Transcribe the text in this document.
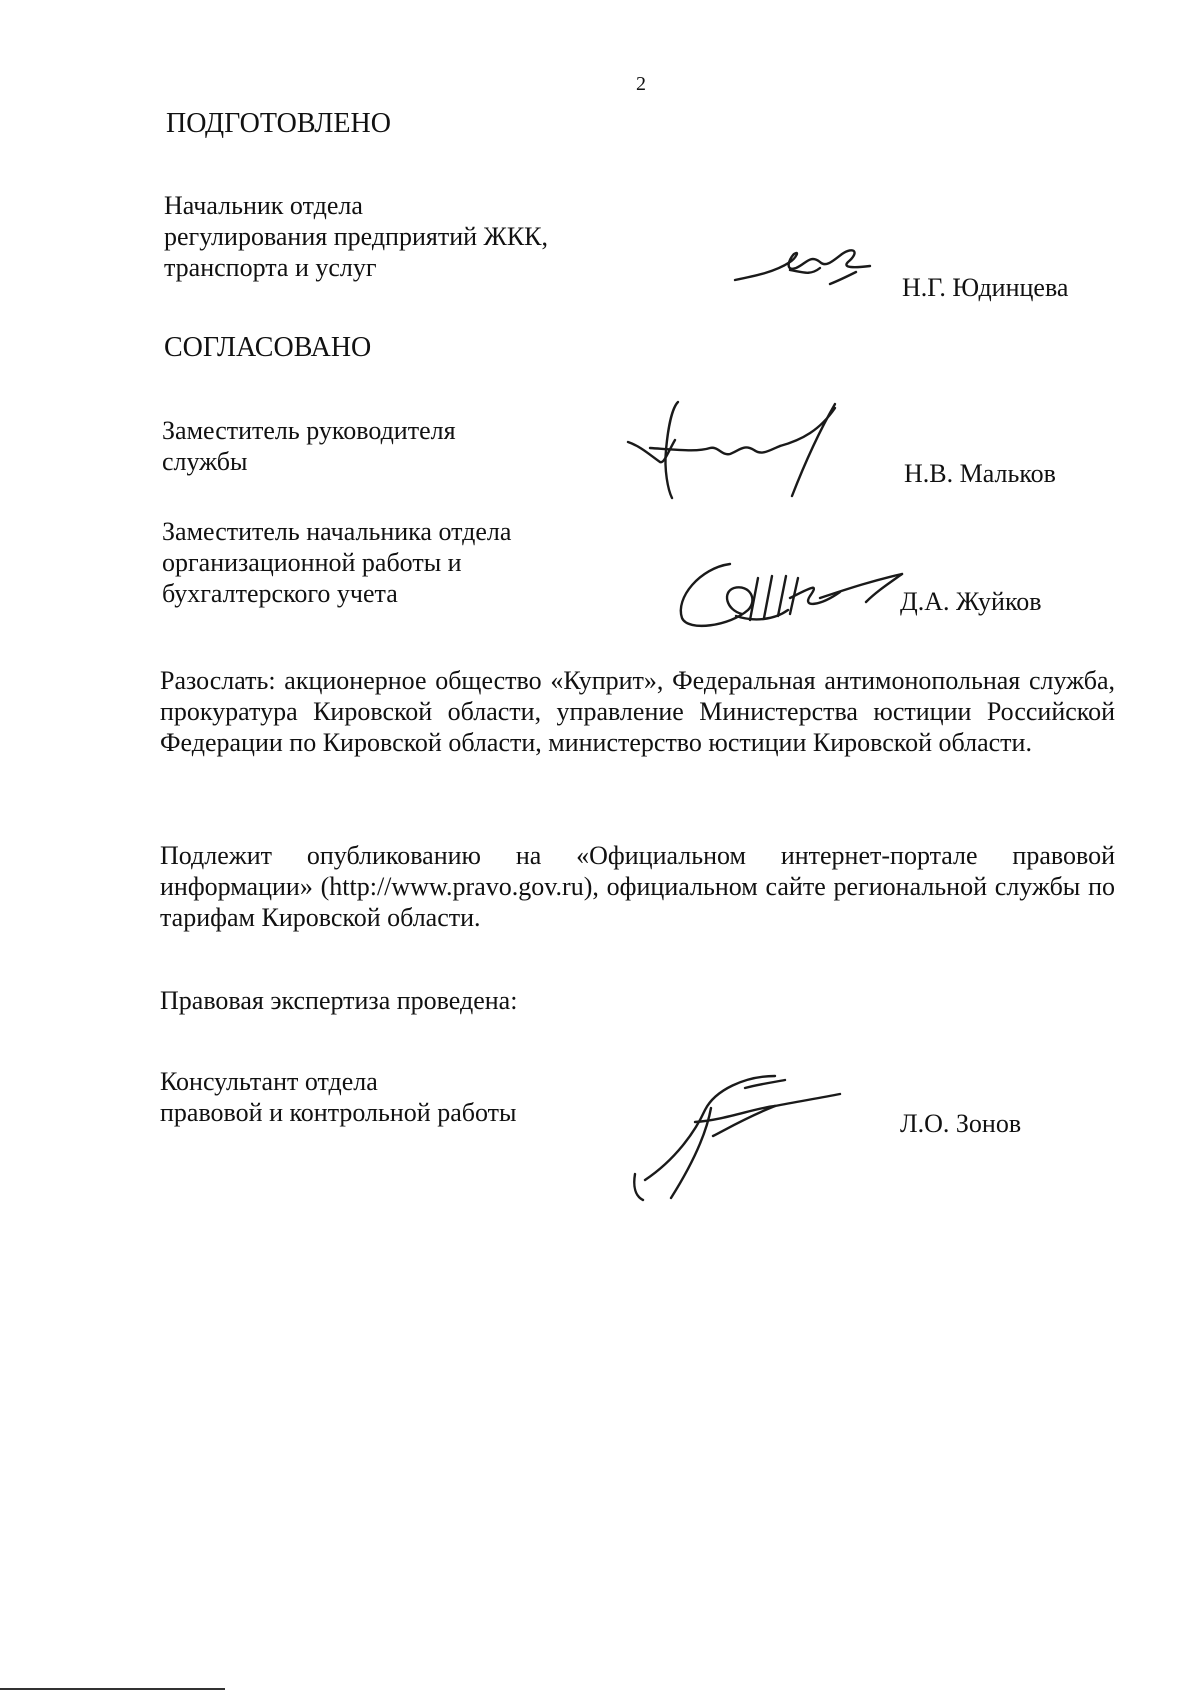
2
ПОДГОТОВЛЕНО
Начальник отдела
регулирования предприятий ЖКК,
транспорта и услуг
Н.Г. Юдинцева
СОГЛАСОВАНО
Заместитель руководителя
службы	Н.В. Мальков
Заместитель начальника отдела
организационной работы и
бухгалтерского учета	Д.А. Жуйков
Разослать: акционерное общество «Куприт», Федеральная антимонопольная служба, прокуратура Кировской области, управление Министерства юстиции Российской Федерации по Кировской области, министерство юстиции Кировской области.
Подлежит опубликованию на «Официальном интернет-портале правовой информации» (http://www.pravo.gov.ru), официальном сайте региональной службы по тарифам Кировской области.
Правовая экспертиза проведена:
Консультант отдела
правовой и контрольной работы	Л.О. Зонов
